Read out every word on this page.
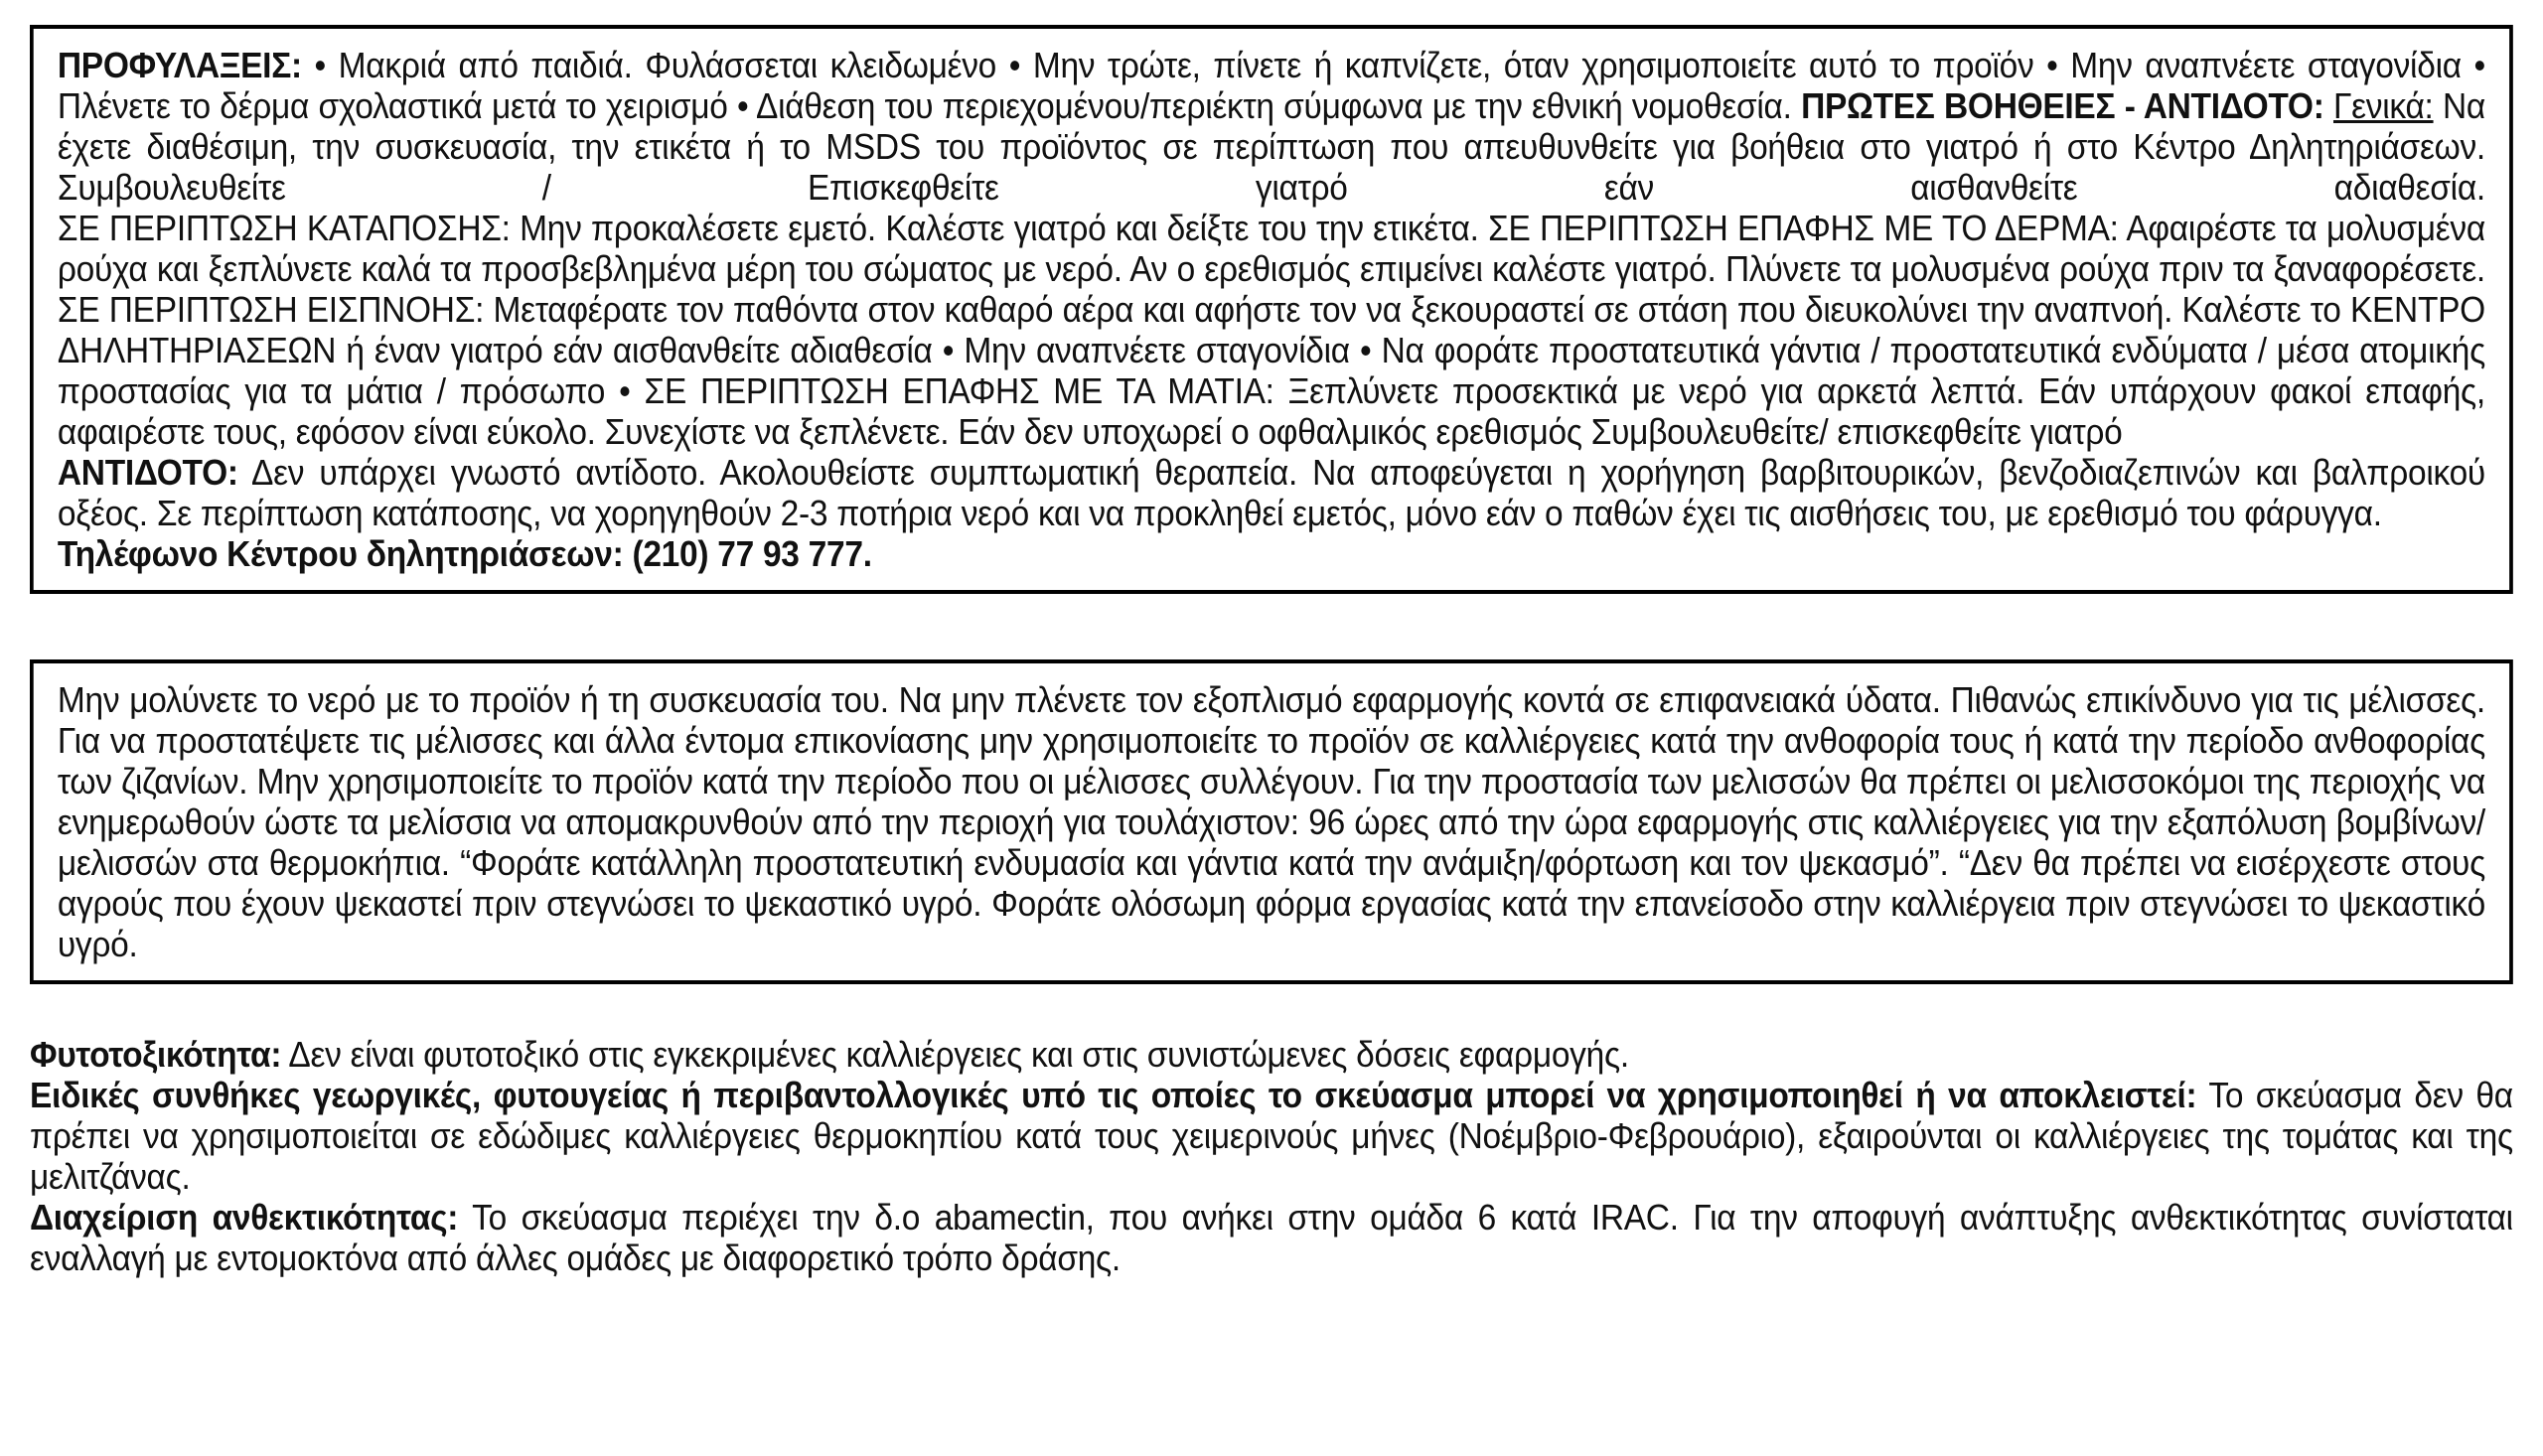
ΠΡΟΦΥΛΑΞΕΙΣ: • Μακριά από παιδιά. Φυλάσσεται κλειδωμένο • Μην τρώτε, πίνετε ή καπνίζετε, όταν χρησιμοποιείτε αυτό το προϊόν • Μην αναπνέετε σταγονίδια • Πλένετε το δέρμα σχολαστικά μετά το χειρισμό • Διάθεση του περιεχομένου/περιέκτη σύμφωνα με την εθνική νομοθεσία. ΠΡΩΤΕΣ ΒΟΗΘΕΙΕΣ - ΑΝΤΙΔΟΤΟ: Γενικά: Να έχετε διαθέσιμη, την συσκευασία, την ετικέτα ή το MSDS του προϊόντος σε περίπτωση που απευθυνθείτε για βοήθεια στο γιατρό ή στο Κέντρο Δηλητηριάσεων. Συμβουλευθείτε / Επισκεφθείτε γιατρό εάν αισθανθείτε αδιαθεσία.

ΣΕ ΠΕΡΙΠΤΩΣΗ ΚΑΤΑΠΟΣΗΣ: Μην προκαλέσετε εμετό. Καλέστε γιατρό και δείξτε του την ετικέτα. ΣΕ ΠΕΡΙΠΤΩΣΗ ΕΠΑΦΗΣ ΜΕ ΤΟ ΔΕΡΜΑ: Αφαιρέστε τα μολυσμένα ρούχα και ξεπλύνετε καλά τα προσβεβλημένα μέρη του σώματος με νερό. Αν ο ερεθισμός επιμείνει καλέστε γιατρό. Πλύνετε τα μολυσμένα ρούχα πριν τα ξαναφορέσετε. ΣΕ ΠΕΡΙΠΤΩΣΗ ΕΙΣΠΝΟΗΣ: Μεταφέρατε τον παθόντα στον καθαρό αέρα και αφήστε τον να ξεκουραστεί σε στάση που διευκολύνει την αναπνοή. Καλέστε το ΚΕΝΤΡΟ ΔΗΛΗΤΗΡΙΑΣΕΩΝ ή έναν γιατρό εάν αισθανθείτε αδιαθεσία • Μην αναπνέετε σταγονίδια • Να φοράτε προστατευτικά γάντια / προστατευτικά ενδύματα / μέσα ατομικής προστασίας για τα μάτια / πρόσωπο • ΣΕ ΠΕΡΙΠΤΩΣΗ ΕΠΑΦΗΣ ΜΕ ΤΑ ΜΑΤΙΑ: Ξεπλύνετε προσεκτικά με νερό για αρκετά λεπτά. Εάν υπάρχουν φακοί επαφής, αφαιρέστε τους, εφόσον είναι εύκολο. Συνεχίστε να ξεπλένετε. Εάν δεν υποχωρεί ο οφθαλμικός ερεθισμός Συμβουλευθείτε/ επισκεφθείτε γιατρό

ΑΝΤΙΔΟΤΟ: Δεν υπάρχει γνωστό αντίδοτο. Ακολουθείστε συμπτωματική θεραπεία. Να αποφεύγεται η χορήγηση βαρβιτουρικών, βενζοδιαζεπινών και βαλπροικού οξέος. Σε περίπτωση κατάποσης, να χορηγηθούν 2-3 ποτήρια νερό και να προκληθεί εμετός, μόνο εάν ο παθών έχει τις αισθήσεις του, με ερεθισμό του φάρυγγα.

Τηλέφωνο Κέντρου δηλητηριάσεων: (210) 77 93 777.

Μην μολύνετε το νερό με το προϊόν ή τη συσκευασία του. Να μην πλένετε τον εξοπλισμό εφαρμογής κοντά σε επιφανειακά ύδατα. Πιθανώς επικίνδυνο για τις μέλισσες. Για να προστατέψετε τις μέλισσες και άλλα έντομα επικονίασης μην χρησιμοποιείτε το προϊόν σε καλλιέργειες κατά την ανθοφορία τους ή κατά την περίοδο ανθοφορίας των ζιζανίων. Μην χρησιμοποιείτε το προϊόν κατά την περίοδο που οι μέλισσες συλλέγουν. Για την προστασία των μελισσών θα πρέπει οι μελισσοκόμοι της περιοχής να ενημερωθούν ώστε τα μελίσσια να απομακρυνθούν από την περιοχή για τουλάχιστον: 96 ώρες από την ώρα εφαρμογής στις καλλιέργειες για την εξαπόλυση βομβίνων/μελισσών στα θερμοκήπια. “Φοράτε κατάλληλη προστατευτική ενδυμασία και γάντια κατά την ανάμιξη/φόρτωση και τον ψεκασμό”. “Δεν θα πρέπει να εισέρχεστε στους αγρούς που έχουν ψεκαστεί πριν στεγνώσει το ψεκαστικό υγρό. Φοράτε ολόσωμη φόρμα εργασίας κατά την επανείσοδο στην καλλιέργεια πριν στεγνώσει το ψεκαστικό υγρό.

Φυτοτοξικότητα: Δεν είναι φυτοτοξικό στις εγκεκριμένες καλλιέργειες και στις συνιστώμενες δόσεις εφαρμογής.

Ειδικές συνθήκες γεωργικές, φυτουγείας ή περιβαντολλογικές υπό τις οποίες το σκεύασμα μπορεί να χρησιμοποιηθεί ή να αποκλειστεί: Το σκεύασμα δεν θα πρέπει να χρησιμοποιείται σε εδώδιμες καλλιέργειες θερμοκηπίου κατά τους χειμερινούς μήνες (Νοέμβριο-Φεβρουάριο), εξαιρούνται οι καλλιέργειες της τομάτας και της μελιτζάνας.

Διαχείριση ανθεκτικότητας: Το σκεύασμα περιέχει την δ.ο abamectin, που ανήκει στην ομάδα 6 κατά IRAC. Για την αποφυγή ανάπτυξης ανθεκτικότητας συνίσταται εναλλαγή με εντομοκτόνα από άλλες ομάδες με διαφορετικό τρόπο δράσης.
